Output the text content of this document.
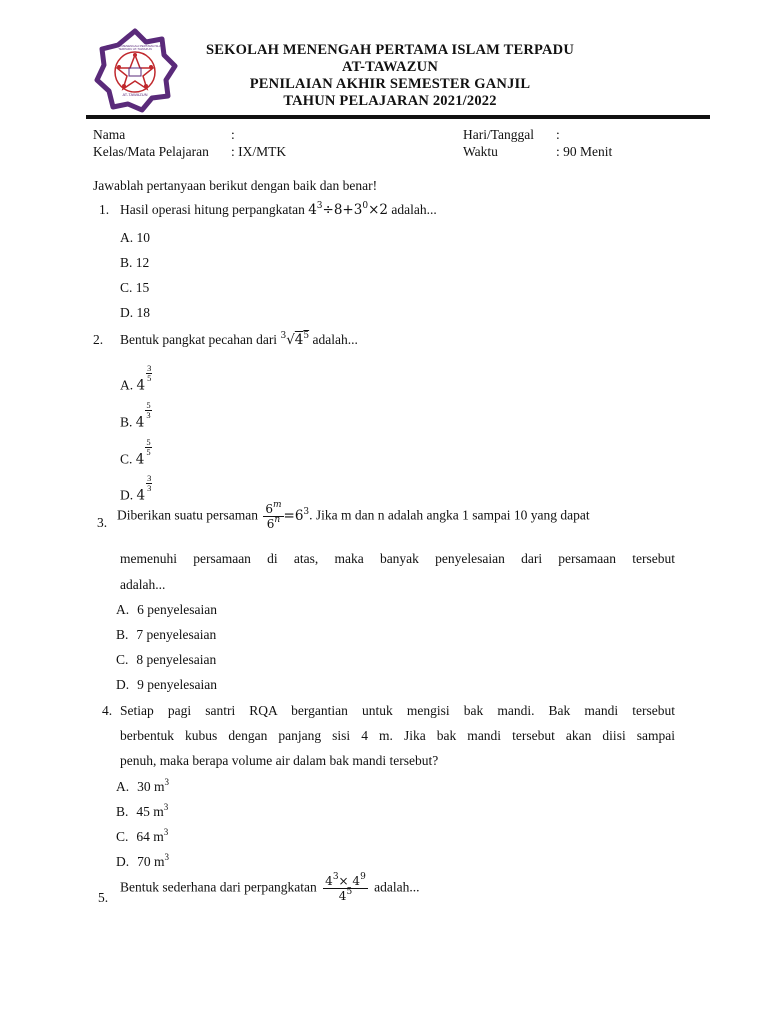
SEKOLAH MENENGAH PERTAMA ISLAM TERPADU AT-TAWAZUN
AT-TAWAZUN
SEKOLAH MENENGAH PERTAMA ISLAM TERPADU
AT-TAWAZUN
PENILAIAN AKHIR SEMESTER GANJIL
TAHUN PELAJARAN 2021/2022
Nama	:
Kelas/Mata Pelajaran : IX/MTK
Hari/Tanggal :
Waktu	: 90 Menit
Jawablah pertanyaan berikut dengan baik dan benar!
1. Hasil operasi hitung perpangkatan $4^3\div 8+3^0\times 2$ adalah...
A. 10
B. 12
C. 15
D. 18
2. Bentuk pangkat pecahan dari $^3√4^5$ adalah...
A. 4
$\frac{3}{5}$
B. 4
$\frac{5}{3}$
C. 4
$\frac{5}{5}$
D. 4
$\frac{3}{3}$
3. Diberikan suatu persaman $\frac{6^m}{6^n} =6^3$. Jika m dan n adalah angka 1 sampai 10 yang dapat
memenuhi persamaan di atas, maka banyak penyelesaian dari persamaan tersebut
adalah...
A. 6 penyelesaian
B. 7 penyelesaian
C. 8 penyelesaian
D. 9 penyelesaian
4. Setiap pagi santri RQA bergantian untuk mengisi bak mandi. Bak mandi tersebut
berbentuk kubus dengan panjang sisi 4 m. Jika bak mandi tersebut akan diisi sampai
penuh, maka berapa volume air dalam bak mandi tersebut?
A. 30 $m^3$
B. 45 $m^3$
C. 64 $m^3$
D. 70 $m^3$
5.
Bentuk sederhana dari perpangkatan $\frac{4^3\times 4^9}{4^5}$ adalah...
